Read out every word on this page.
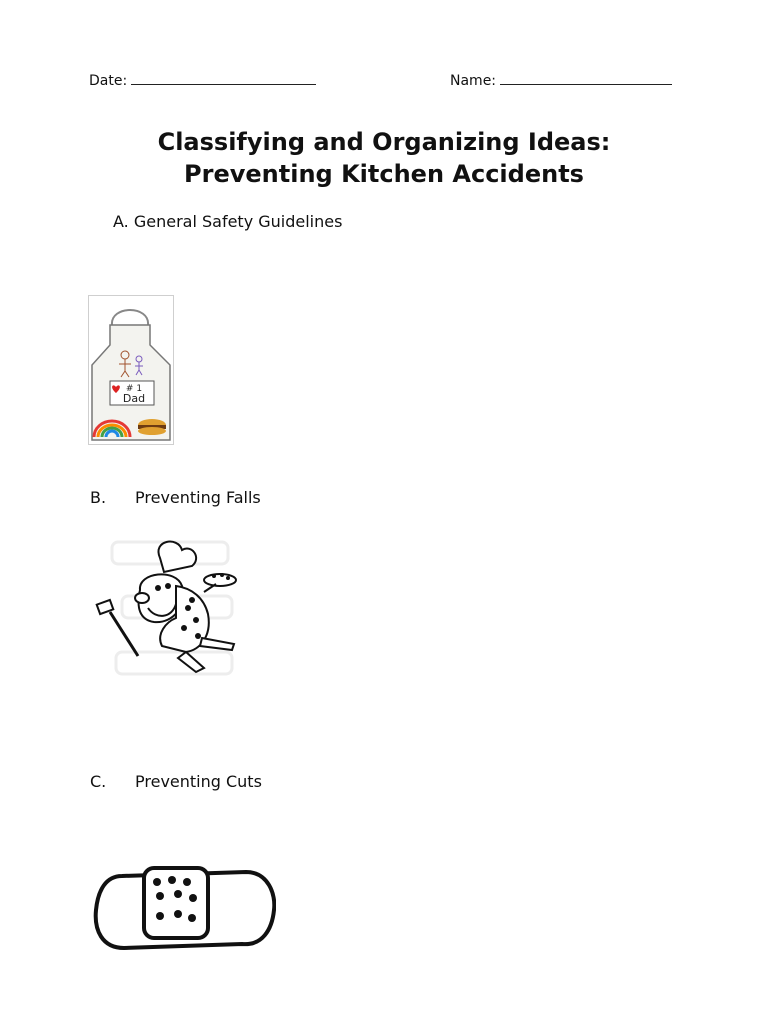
Date:	Name:
Classifying and Organizing Ideas:
Preventing Kitchen Accidents
A. General Safety Guidelines
# 1
Dad
B. Preventing Falls
C. Preventing Cuts
